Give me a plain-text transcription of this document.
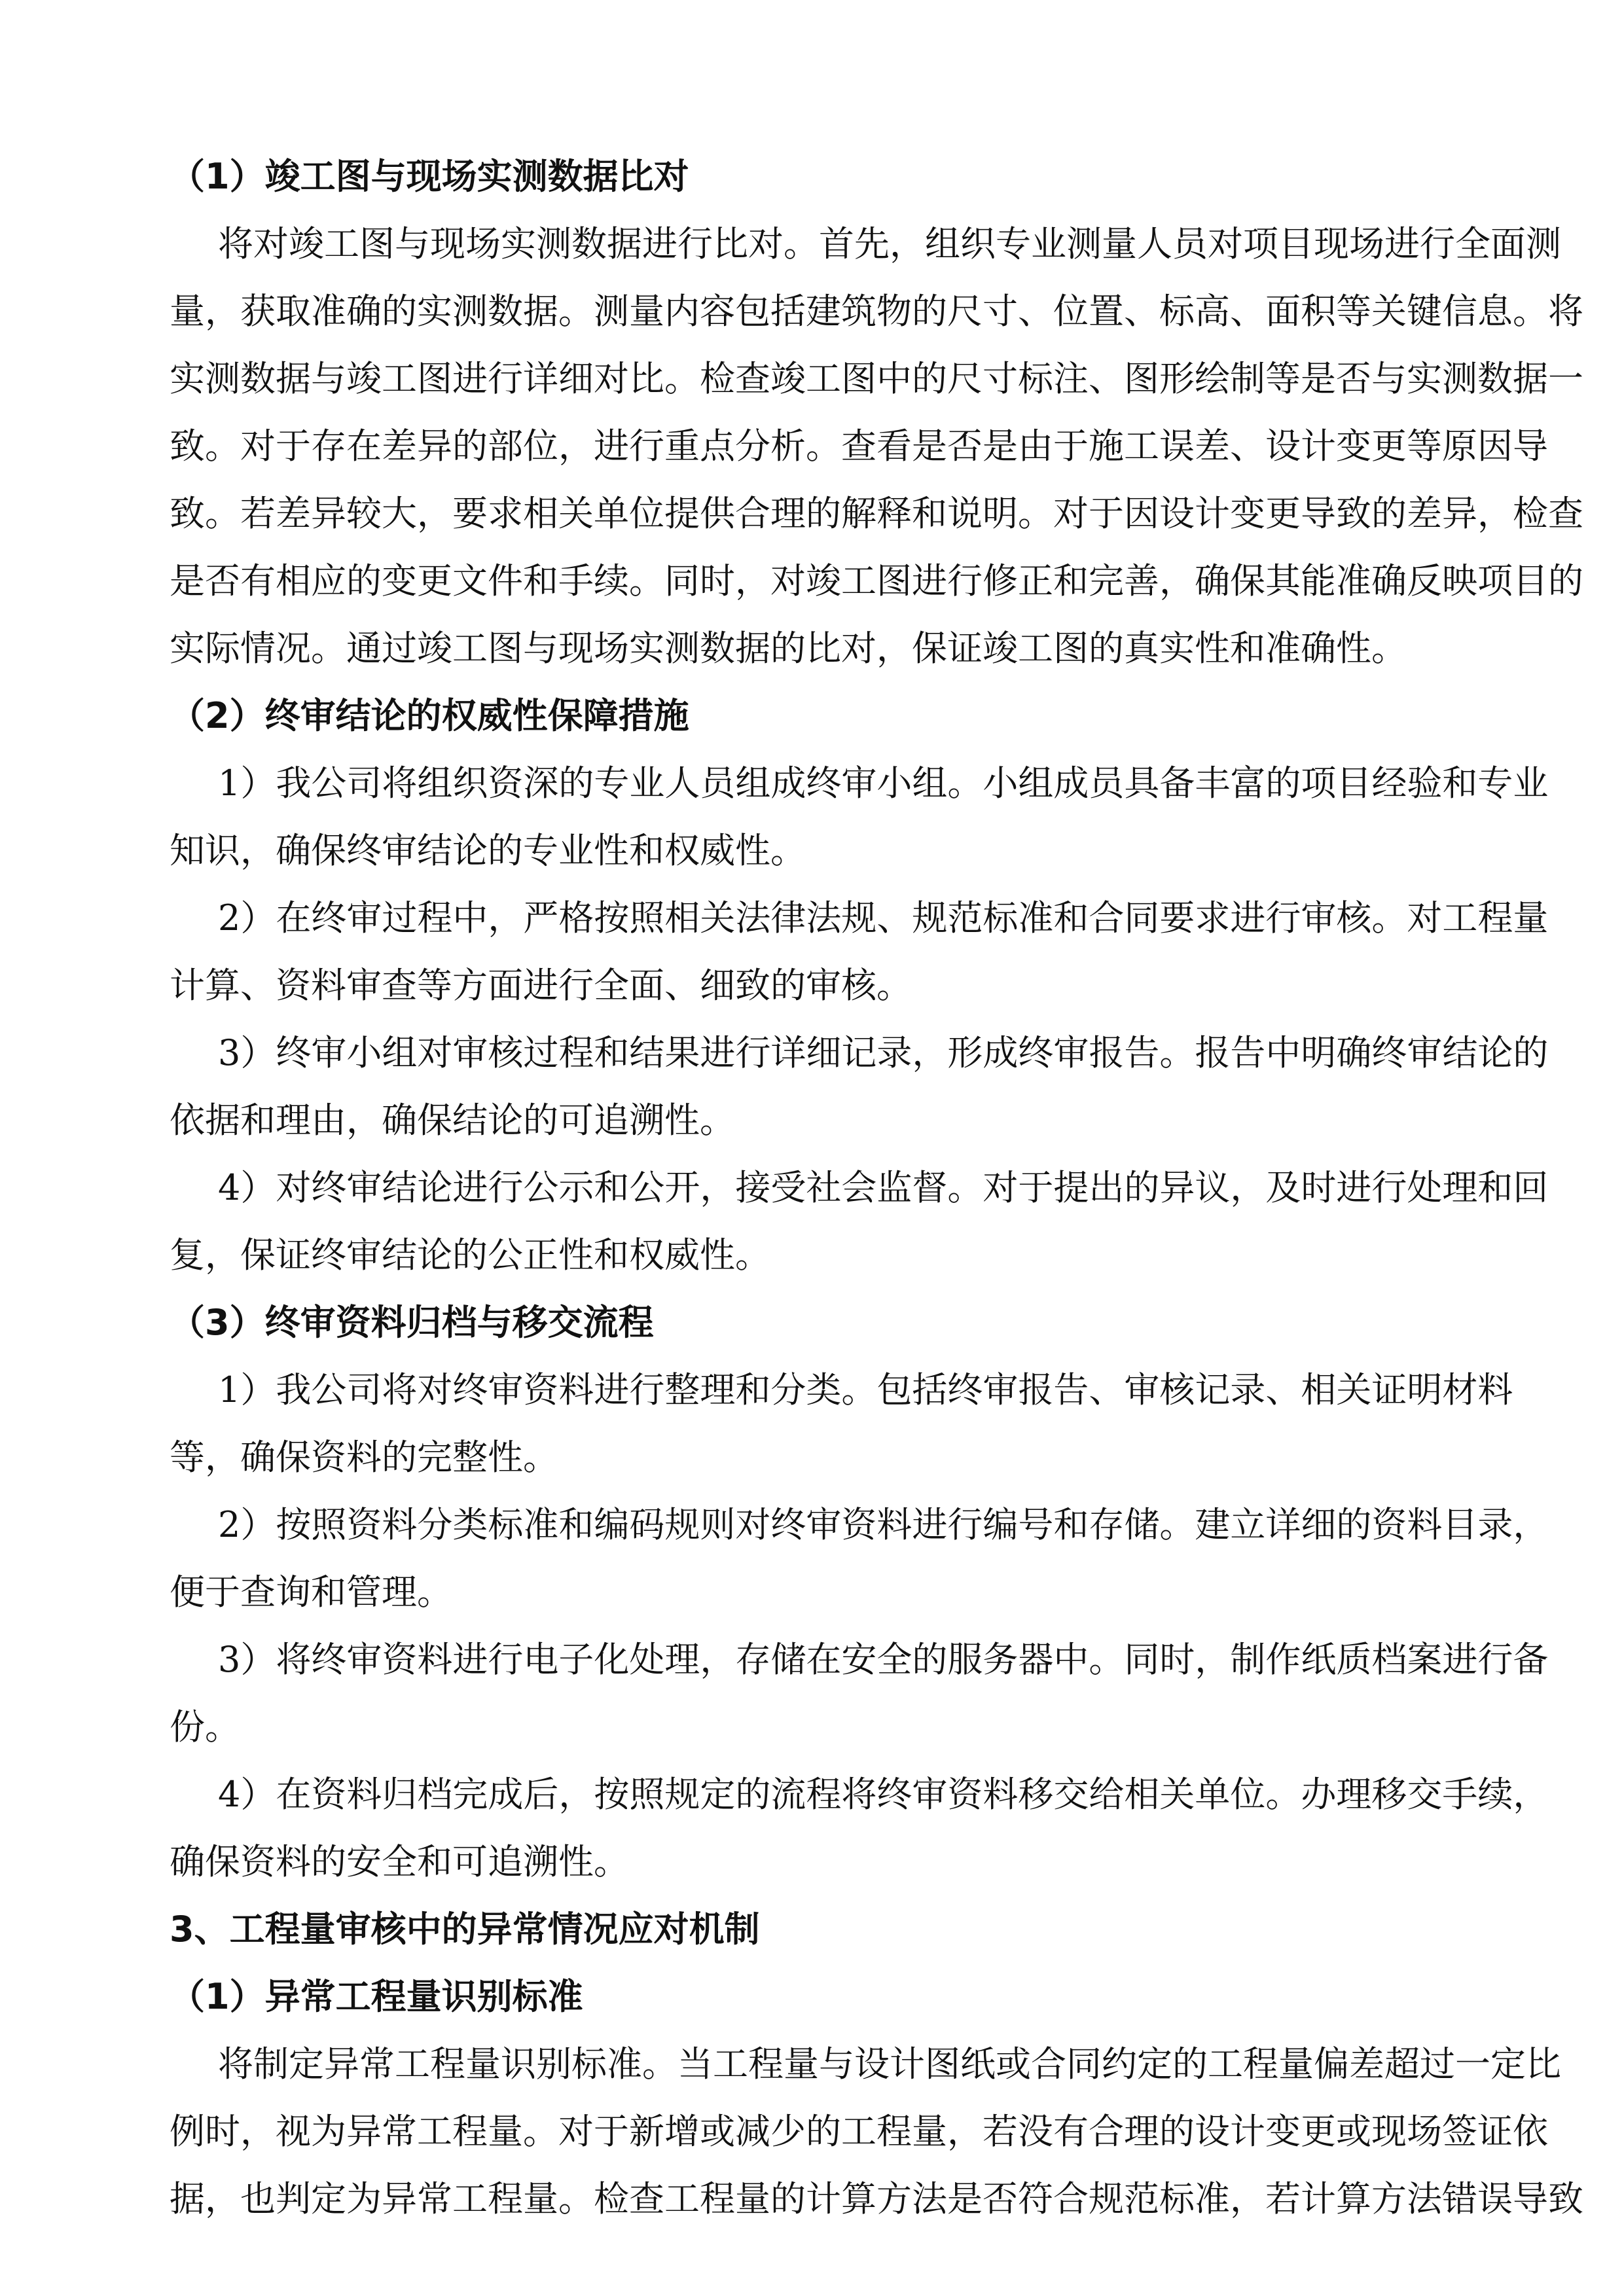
（1）竣工图与现场实测数据比对
将对竣工图与现场实测数据进行比对。首先，组织专业测量人员对项目现场进行全面测
量，获取准确的实测数据。测量内容包括建筑物的尺寸、位置、标高、面积等关键信息。将
实测数据与竣工图进行详细对比。检查竣工图中的尺寸标注、图形绘制等是否与实测数据一
致。对于存在差异的部位，进行重点分析。查看是否是由于施工误差、设计变更等原因导
致。若差异较大，要求相关单位提供合理的解释和说明。对于因设计变更导致的差异，检查
是否有相应的变更文件和手续。同时，对竣工图进行修正和完善，确保其能准确反映项目的
实际情况。通过竣工图与现场实测数据的比对，保证竣工图的真实性和准确性。
（2）终审结论的权威性保障措施
1）我公司将组织资深的专业人员组成终审小组。小组成员具备丰富的项目经验和专业
知识，确保终审结论的专业性和权威性。
2）在终审过程中，严格按照相关法律法规、规范标准和合同要求进行审核。对工程量
计算、资料审查等方面进行全面、细致的审核。
3）终审小组对审核过程和结果进行详细记录，形成终审报告。报告中明确终审结论的
依据和理由，确保结论的可追溯性。
4）对终审结论进行公示和公开，接受社会监督。对于提出的异议，及时进行处理和回
复，保证终审结论的公正性和权威性。
（3）终审资料归档与移交流程
1）我公司将对终审资料进行整理和分类。包括终审报告、审核记录、相关证明材料
等，确保资料的完整性。
2）按照资料分类标准和编码规则对终审资料进行编号和存储。建立详细的资料目录，
便于查询和管理。
3）将终审资料进行电子化处理，存储在安全的服务器中。同时，制作纸质档案进行备
份。
4）在资料归档完成后，按照规定的流程将终审资料移交给相关单位。办理移交手续，
确保资料的安全和可追溯性。
3、工程量审核中的异常情况应对机制
（1）异常工程量识别标准
将制定异常工程量识别标准。当工程量与设计图纸或合同约定的工程量偏差超过一定比
例时，视为异常工程量。对于新增或减少的工程量，若没有合理的设计变更或现场签证依
据，也判定为异常工程量。检查工程量的计算方法是否符合规范标准，若计算方法错误导致
